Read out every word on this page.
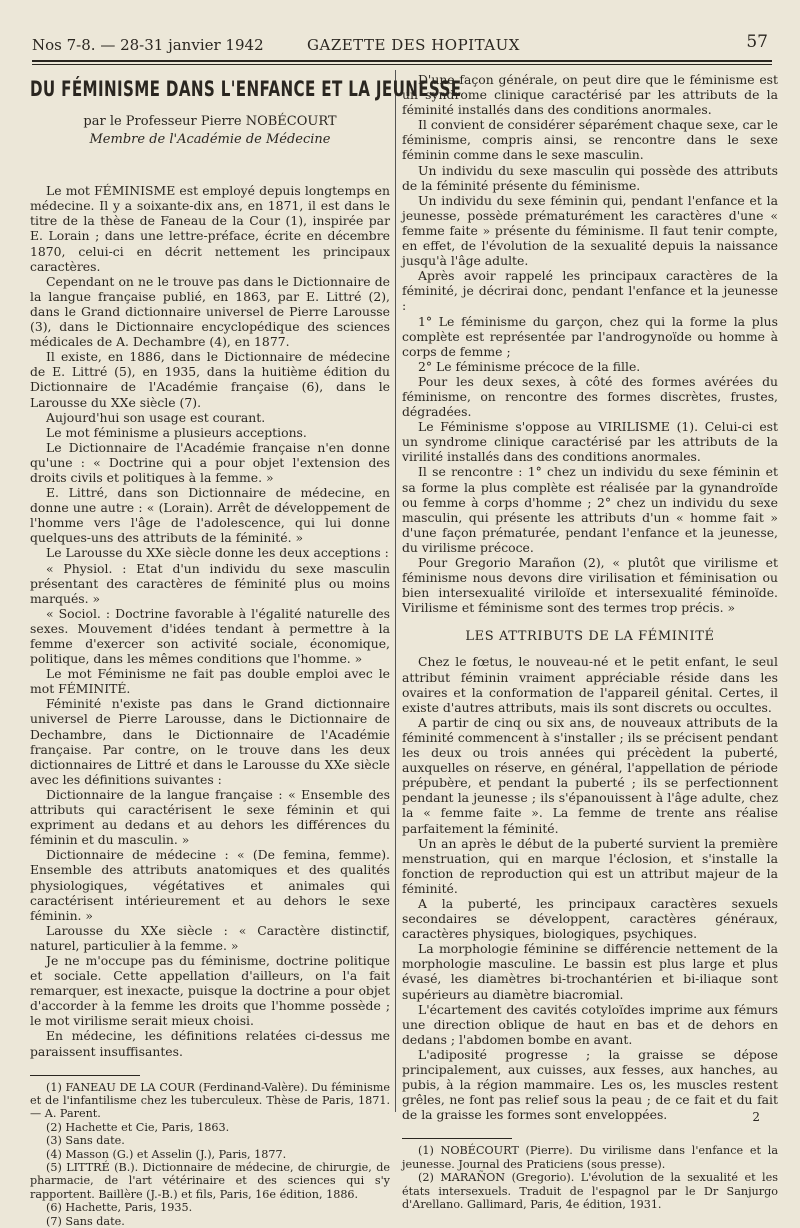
Nos 7-8. — 28-31 janvier 1942	GAZETTE DES HOPITAUX	57
DU FÉMINISME DANS L'ENFANCE ET LA JEUNESSE
par le Professeur Pierre NOBÉCOURT
Membre de l'Académie de Médecine

Le mot FÉMINISME est employé depuis longtemps en médecine. Il y a soixante-dix ans, en 1871, il est dans le titre de la thèse de Faneau de la Cour (1), inspirée par E. Lorain ; dans une lettre-préface, écrite en décembre 1870, celui-ci en décrit nettement les principaux caractères.

Cependant on ne le trouve pas dans le Dictionnaire de la langue française publié, en 1863, par E. Littré (2), dans le Grand dictionnaire universel de Pierre Larousse (3), dans le Dictionnaire encyclopédique des sciences médicales de A. Dechambre (4), en 1877.

Il existe, en 1886, dans le Dictionnaire de médecine de E. Littré (5), en 1935, dans la huitième édition du Dictionnaire de l'Académie française (6), dans le Larousse du XXe siècle (7).

Aujourd'hui son usage est courant.

Le mot féminisme a plusieurs acceptions.

Le Dictionnaire de l'Académie française n'en donne qu'une : « Doctrine qui a pour objet l'extension des droits civils et politiques à la femme. »

E. Littré, dans son Dictionnaire de médecine, en donne une autre : « (Lorain). Arrêt de développement de l'homme vers l'âge de l'adolescence, qui lui donne quelques-uns des attributs de la féminité. »

Le Larousse du XXe siècle donne les deux acceptions :

« Physiol. : Etat d'un individu du sexe masculin présentant des caractères de féminité plus ou moins marqués. »

« Sociol. : Doctrine favorable à l'égalité naturelle des sexes. Mouvement d'idées tendant à permettre à la femme d'exercer son activité sociale, économique, politique, dans les mêmes conditions que l'homme. »

Le mot Féminisme ne fait pas double emploi avec le mot FÉMINITÉ.

Féminité n'existe pas dans le Grand dictionnaire universel de Pierre Larousse, dans le Dictionnaire de Dechambre, dans le Dictionnaire de l'Académie française. Par contre, on le trouve dans les deux dictionnaires de Littré et dans le Larousse du XXe siècle avec les définitions suivantes :

Dictionnaire de la langue française : « Ensemble des attributs qui caractérisent le sexe féminin et qui expriment au dedans et au dehors les différences du féminin et du masculin. »

Dictionnaire de médecine : « (De femina, femme). Ensemble des attributs anatomiques et des qualités physiologiques, végétatives et animales qui caractérisent intérieurement et au dehors le sexe féminin. »

Larousse du XXe siècle : « Caractère distinctif, naturel, particulier à la femme. »

Je ne m'occupe pas du féminisme, doctrine politique et sociale. Cette appellation d'ailleurs, on l'a fait remarquer, est inexacte, puisque la doctrine a pour objet d'accorder à la femme les droits que l'homme possède ; le mot virilisme serait mieux choisi.

En médecine, les définitions relatées ci-dessus me paraissent insuffisantes.

(1) FANEAU DE LA COUR (Ferdinand-Valère). Du féminisme et de l'infantilisme chez les tuberculeux. Thèse de Paris, 1871. — A. Parent.

(2) Hachette et Cie, Paris, 1863.

(3) Sans date.

(4) Masson (G.) et Asselin (J.), Paris, 1877.

(5) LITTRÉ (B.). Dictionnaire de médecine, de chirurgie, de pharmacie, de l'art vétérinaire et des sciences qui s'y rapportent. Baillère (J.-B.) et fils, Paris, 16e édition, 1886.

(6) Hachette, Paris, 1935.

(7) Sans date.

D'une façon générale, on peut dire que le féminisme est un syndrome clinique caractérisé par les attributs de la féminité installés dans des conditions anormales.

Il convient de considérer séparément chaque sexe, car le féminisme, compris ainsi, se rencontre dans le sexe féminin comme dans le sexe masculin.

Un individu du sexe masculin qui possède des attributs de la féminité présente du féminisme.

Un individu du sexe féminin qui, pendant l'enfance et la jeunesse, possède prématurément les caractères d'une « femme faite » présente du féminisme. Il faut tenir compte, en effet, de l'évolution de la sexualité depuis la naissance jusqu'à l'âge adulte.

Après avoir rappelé les principaux caractères de la féminité, je décrirai donc, pendant l'enfance et la jeunesse :

1° Le féminisme du garçon, chez qui la forme la plus complète est représentée par l'androgynoïde ou homme à corps de femme ;

2° Le féminisme précoce de la fille.

Pour les deux sexes, à côté des formes avérées du féminisme, on rencontre des formes discrètes, frustes, dégradées.

Le Féminisme s'oppose au VIRILISME (1). Celui-ci est un syndrome clinique caractérisé par les attributs de la virilité installés dans des conditions anormales.

Il se rencontre : 1° chez un individu du sexe féminin et sa forme la plus complète est réalisée par la gynandroïde ou femme à corps d'homme ; 2° chez un individu du sexe masculin, qui présente les attributs d'un « homme fait » d'une façon prématurée, pendant l'enfance et la jeunesse, du virilisme précoce.

Pour Gregorio Marañon (2), « plutôt que virilisme et féminisme nous devons dire virilisation et féminisation ou bien intersexualité viriloïde et intersexualité féminoïde. Virilisme et féminisme sont des termes trop précis. »

LES ATTRIBUTS DE LA FÉMINITÉ

Chez le fœtus, le nouveau-né et le petit enfant, le seul attribut féminin vraiment appréciable réside dans les ovaires et la conformation de l'appareil génital. Certes, il existe d'autres attributs, mais ils sont discrets ou occultes.

A partir de cinq ou six ans, de nouveaux attributs de la féminité commencent à s'installer ; ils se précisent pendant les deux ou trois années qui précèdent la puberté, auxquelles on réserve, en général, l'appellation de période prépubère, et pendant la puberté ; ils se perfectionnent pendant la jeunesse ; ils s'épanouissent à l'âge adulte, chez la « femme faite ». La femme de trente ans réalise parfaitement la féminité.

Un an après le début de la puberté survient la première menstruation, qui en marque l'éclosion, et s'installe la fonction de reproduction qui est un attribut majeur de la féminité.

A la puberté, les principaux caractères sexuels secondaires se développent, caractères généraux, caractères physiques, biologiques, psychiques.

La morphologie féminine se différencie nettement de la morphologie masculine. Le bassin est plus large et plus évasé, les diamètres bi-trochantérien et bi-iliaque sont supérieurs au diamètre biacromial.

L'écartement des cavités cotyloïdes imprime aux fémurs une direction oblique de haut en bas et de dehors en dedans ; l'abdomen bombe en avant.

L'adiposité progresse ; la graisse se dépose principalement, aux cuisses, aux fesses, aux hanches, au pubis, à la région mammaire. Les os, les muscles restent grêles, ne font pas relief sous la peau ; de ce fait et du fait de la graisse les formes sont enveloppées.

(1) NOBÉCOURT (Pierre). Du virilisme dans l'enfance et la jeunesse. Journal des Praticiens (sous presse).

(2) MARAÑON (Gregorio). L'évolution de la sexualité et les états intersexuels. Traduit de l'espagnol par le Dr Sanjurgo d'Arellano. Gallimard, Paris, 4e édition, 1931.

2
